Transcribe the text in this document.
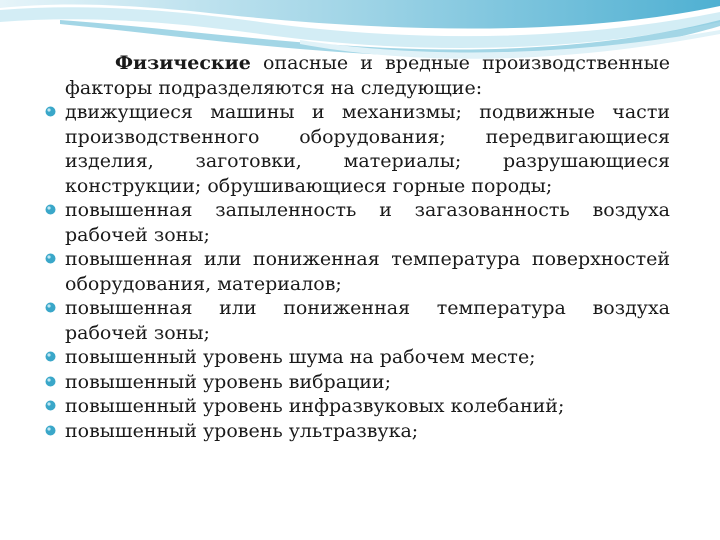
Физические опасные и вредные производственные факторы подразделяются на следующие:

движущиеся машины и механизмы; подвижные части производственного оборудования; передвигающиеся изделия, заготовки, материалы; разрушающиеся конструкции; обрушивающиеся горные породы;
повышенная запыленность и загазованность воздуха рабочей зоны;
повышенная или пониженная температура поверхностей оборудования, материалов;
повышенная или пониженная температура воздуха рабочей зоны;
повышенный уровень шума на рабочем месте;
повышенный уровень вибрации;
повышенный уровень инфразвуковых колебаний;
повышенный уровень ультразвука;
